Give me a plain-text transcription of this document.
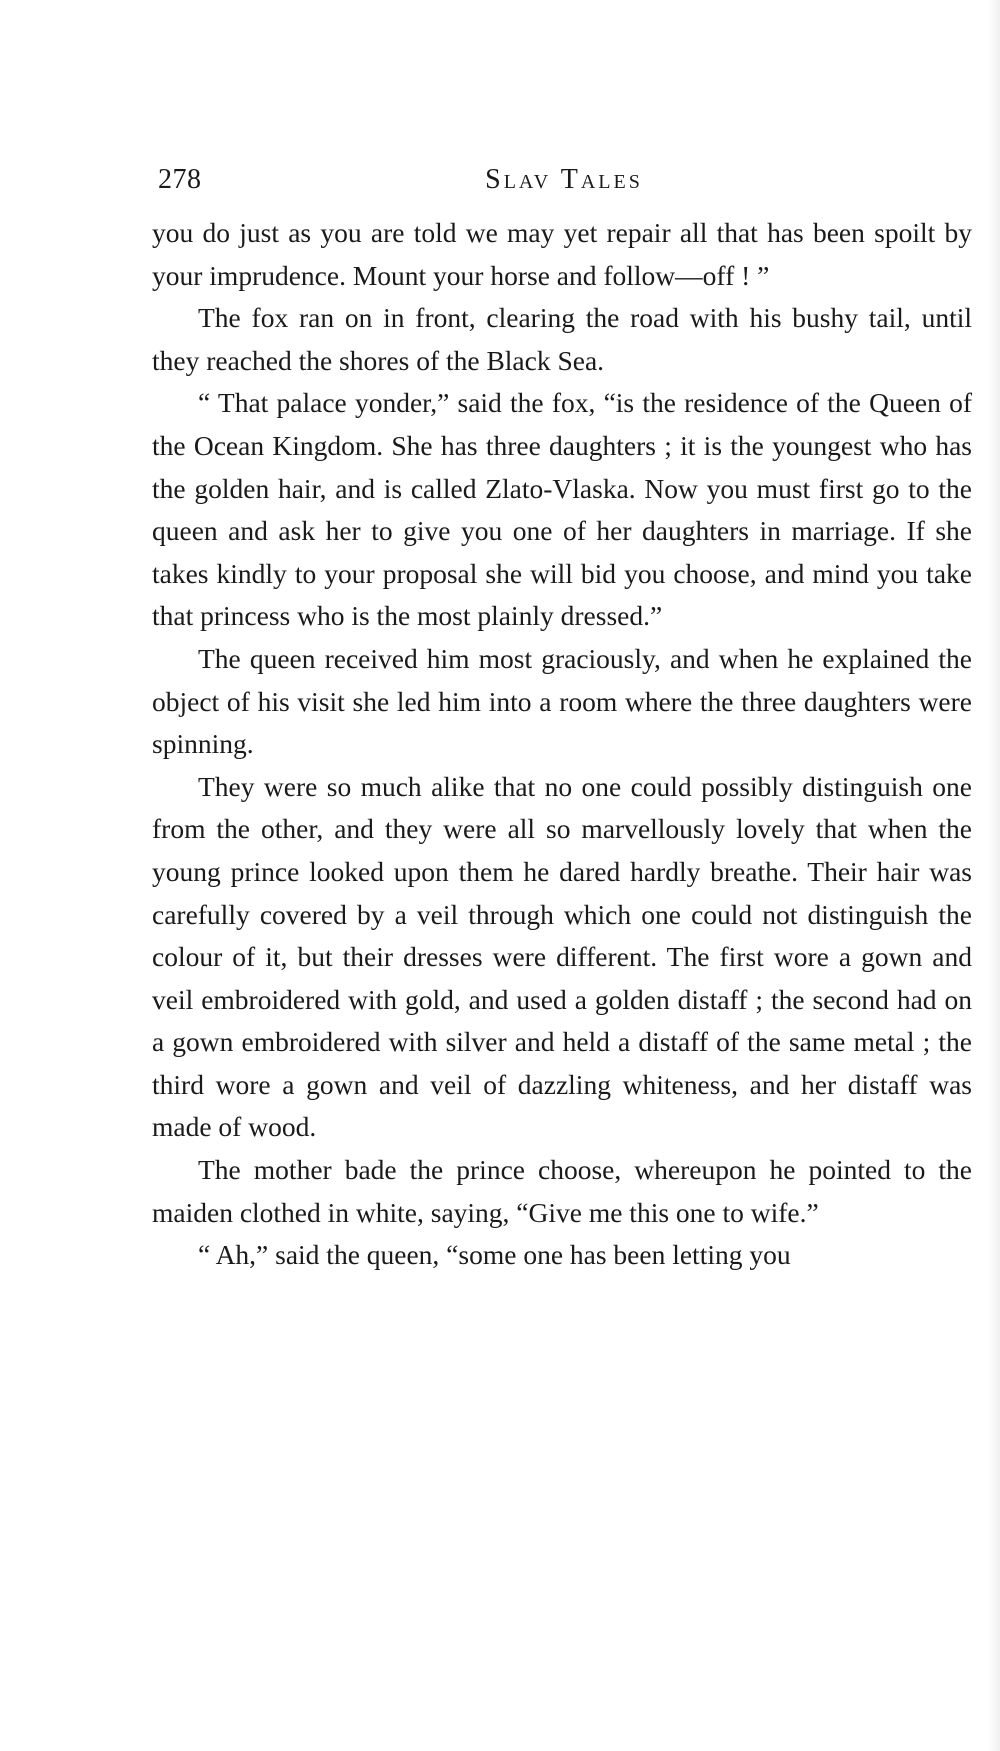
278	Slav Tales

you do just as you are told we may yet repair all that has been spoilt by your imprudence. Mount your horse and follow—off ! ”

The fox ran on in front, clearing the road with his bushy tail, until they reached the shores of the Black Sea.

“ That palace yonder,” said the fox, “is the residence of the Queen of the Ocean Kingdom. She has three daughters ; it is the youngest who has the golden hair, and is called Zlato-Vlaska. Now you must first go to the queen and ask her to give you one of her daughters in marriage. If she takes kindly to your proposal she will bid you choose, and mind you take that princess who is the most plainly dressed.”

The queen received him most graciously, and when he explained the object of his visit she led him into a room where the three daughters were spinning.

They were so much alike that no one could possibly distinguish one from the other, and they were all so marvellously lovely that when the young prince looked upon them he dared hardly breathe. Their hair was carefully covered by a veil through which one could not distinguish the colour of it, but their dresses were different. The first wore a gown and veil embroidered with gold, and used a golden distaff ; the second had on a gown embroidered with silver and held a distaff of the same metal ; the third wore a gown and veil of dazzling whiteness, and her distaff was made of wood.

The mother bade the prince choose, whereupon he pointed to the maiden clothed in white, saying, “Give me this one to wife.”

“ Ah,” said the queen, “some one has been letting you
